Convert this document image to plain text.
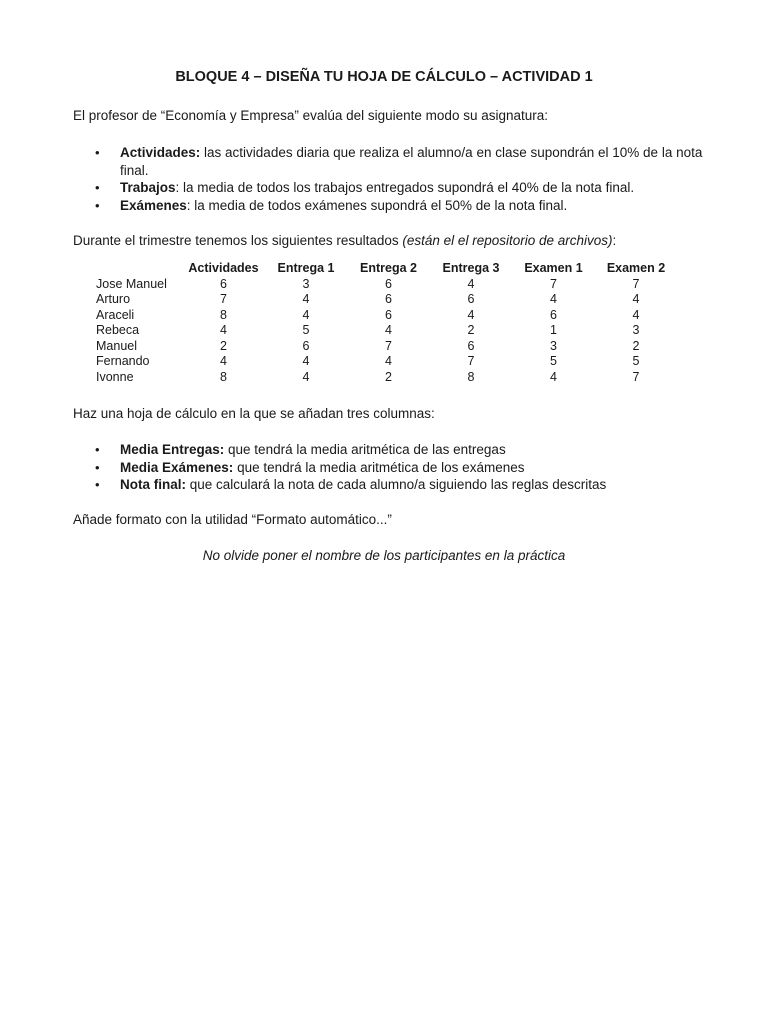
BLOQUE 4 – DISEÑA TU HOJA DE CÁLCULO – ACTIVIDAD 1
El profesor de “Economía y Empresa” evalúa del siguiente modo su asignatura:
• Actividades: las actividades diaria que realiza el alumno/a en clase supondrán el 10% de la nota final.
• Trabajos: la media de todos los trabajos entregados supondrá el 40% de la nota final.
• Exámenes: la media de todos exámenes supondrá el 50% de la nota final.
Durante el trimestre tenemos los siguientes resultados (están el el repositorio de archivos):
	Actividades	Entrega 1	Entrega 2	Entrega 3	Examen 1	Examen 2
Jose Manuel	6	3	6	4	7	7
Arturo	7	4	6	6	4	4
Araceli	8	4	6	4	6	4
Rebeca	4	5	4	2	1	3
Manuel	2	6	7	6	3	2
Fernando	4	4	4	7	5	5
Ivonne	8	4	2	8	4	7
Haz una hoja de cálculo en la que se añadan tres columnas:
• Media Entregas: que tendrá la media aritmética de las entregas
• Media Exámenes: que tendrá la media aritmética de los exámenes
• Nota final: que calculará la nota de cada alumno/a siguiendo las reglas descritas
Añade formato con la utilidad “Formato automático...”
No olvide poner el nombre de los participantes en la práctica
